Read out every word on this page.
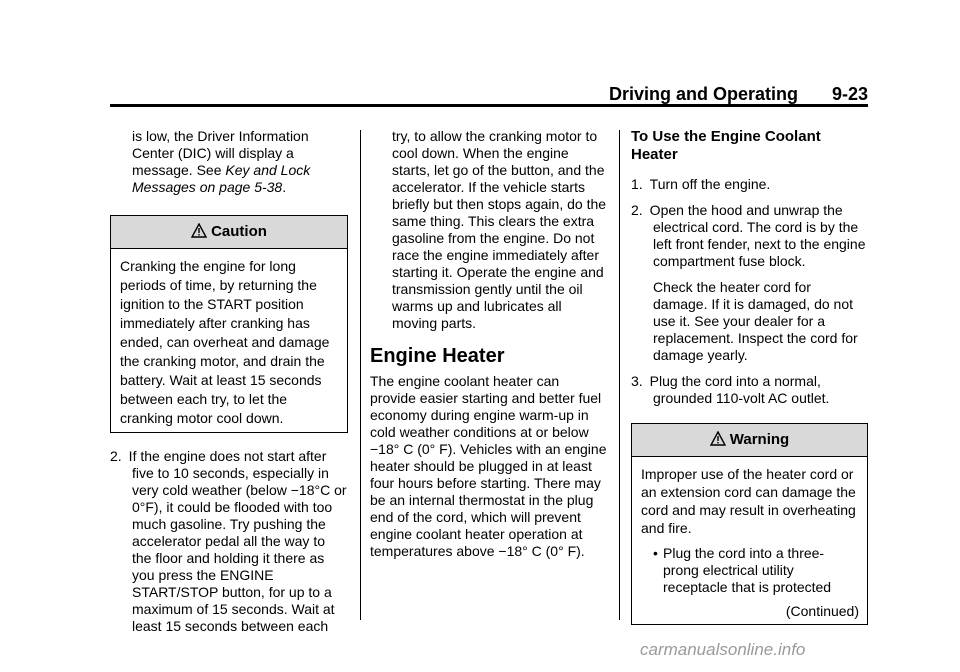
Driving and Operating 9-23

is low, the Driver Information Center (DIC) will display a message. See Key and Lock Messages on page 5-38.

Caution
Cranking the engine for long periods of time, by returning the ignition to the START position immediately after cranking has ended, can overheat and damage the cranking motor, and drain the battery. Wait at least 15 seconds between each try, to let the cranking motor cool down.

2. If the engine does not start after five to 10 seconds, especially in very cold weather (below −18°C or 0°F), it could be flooded with too much gasoline. Try pushing the accelerator pedal all the way to the floor and holding it there as you press the ENGINE START/STOP button, for up to a maximum of 15 seconds. Wait at least 15 seconds between each

try, to allow the cranking motor to cool down. When the engine starts, let go of the button, and the accelerator. If the vehicle starts briefly but then stops again, do the same thing. This clears the extra gasoline from the engine. Do not race the engine immediately after starting it. Operate the engine and transmission gently until the oil warms up and lubricates all moving parts.

Engine Heater

The engine coolant heater can provide easier starting and better fuel economy during engine warm-up in cold weather conditions at or below −18° C (0° F). Vehicles with an engine heater should be plugged in at least four hours before starting. There may be an internal thermostat in the plug end of the cord, which will prevent engine coolant heater operation at temperatures above −18° C (0° F).

To Use the Engine Coolant Heater

1. Turn off the engine.

2. Open the hood and unwrap the electrical cord. The cord is by the left front fender, next to the engine compartment fuse block.

Check the heater cord for damage. If it is damaged, do not use it. See your dealer for a replacement. Inspect the cord for damage yearly.

3. Plug the cord into a normal, grounded 110-volt AC outlet.

Warning
Improper use of the heater cord or an extension cord can damage the cord and may result in overheating and fire.
• Plug the cord into a three-prong electrical utility receptacle that is protected
(Continued)
carmanualsonline.info
